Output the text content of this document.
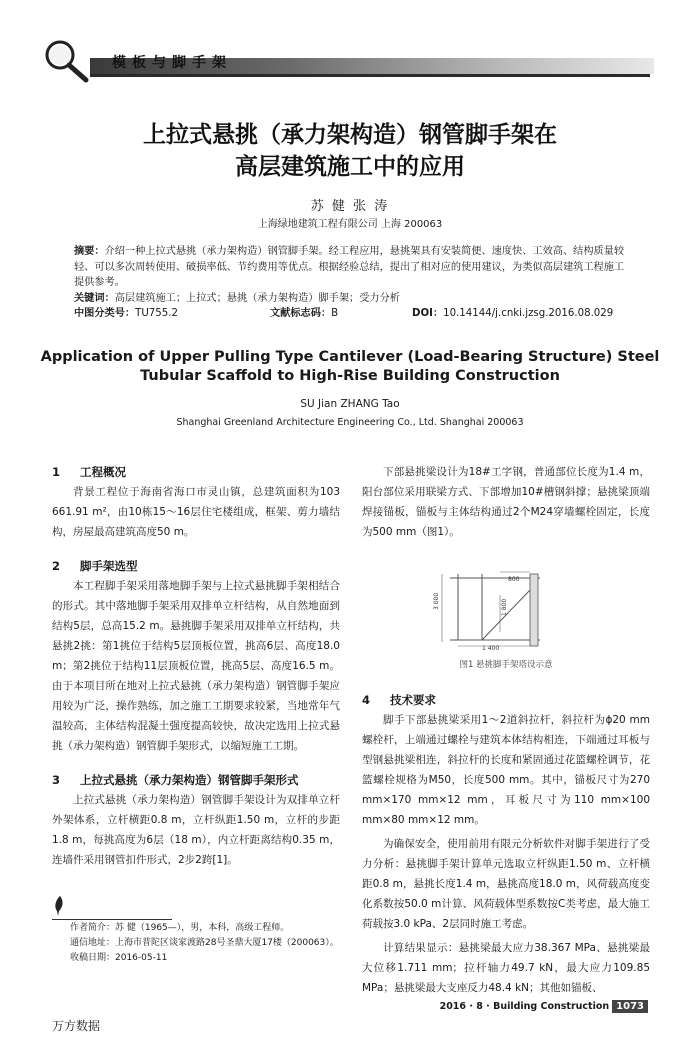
模板与脚手架
上拉式悬挑（承力架构造）钢管脚手架在
高层建筑施工中的应用
苏 健 张 涛
上海绿地建筑工程有限公司 上海 200063
摘要：介绍一种上拉式悬挑（承力架构造）钢管脚手架。经工程应用，悬挑架具有安装简便、速度快、工效高、结构质量较轻、可以多次周转使用、破损率低、节约费用等优点。根据经验总结，提出了相对应的使用建议，为类似高层建筑工程施工提供参考。
关键词：高层建筑施工；上拉式；悬挑（承力架构造）脚手架；受力分析
中图分类号：TU755.2	文献标志码：B	DOI：10.14144/j.cnki.jzsg.2016.08.029
Application of Upper Pulling Type Cantilever (Load-Bearing Structure) Steel
Tubular Scaffold to High-Rise Building Construction
SU Jian ZHANG Tao
Shanghai Greenland Architecture Engineering Co., Ltd. Shanghai 200063
1 工程概况

背景工程位于海南省海口市灵山镇，总建筑面积为103 661.91 m²，由10栋15～16层住宅楼组成，框架、剪力墙结构，房屋最高建筑高度50 m。

2 脚手架选型

本工程脚手架采用落地脚手架与上拉式悬挑脚手架相结合的形式。其中落地脚手架采用双排单立杆结构，从自然地面到结构5层，总高15.2 m。悬挑脚手架采用双排单立杆结构，共悬挑2挑：第1挑位于结构5层顶板位置，挑高6层、高度18.0 m；第2挑位于结构11层顶板位置，挑高5层、高度16.5 m。由于本项目所在地对上拉式悬挑（承力架构造）钢管脚手架应用较为广泛，操作熟练，加之施工工期要求较紧，当地常年气温较高，主体结构混凝土强度提高较快，故决定选用上拉式悬挑（承力架构造）钢管脚手架形式，以缩短施工工期。

3 上拉式悬挑（承力架构造）钢管脚手架形式

上拉式悬挑（承力架构造）钢管脚手架设计为双排单立杆外架体系，立杆横距0.8 m，立杆纵距1.50 m，立杆的步距1.8 m，每挑高度为6层（18 m），内立杆距离结构0.35 m，连墙件采用钢管扣件形式，2步2跨[1]。

作者简介：苏 健（1965—），男，本科，高级工程师。
通信地址：上海市普陀区谈家渡路28号圣鼎大厦17楼（200063）。
收稿日期：2016-05-11

下部悬挑梁设计为18#工字钢，普通部位长度为1.4 m，阳台部位采用联梁方式、下部增加10#槽钢斜撑；悬挑梁顶端焊接锚板，锚板与主体结构通过2个M24穿墙螺栓固定，长度为500 mm（图1）。

800
3 000	1 800
1 400
图1 悬挑脚手架塔设示意
4 技术要求

脚手下部悬挑梁采用1～2道斜拉杆，斜拉杆为ϕ20 mm螺栓杆，上端通过螺栓与建筑本体结构相连，下端通过耳板与型钢悬挑梁相连，斜拉杆的长度和紧固通过花篮螺栓调节，花篮螺栓规格为M50，长度500 mm。其中，锚板尺寸为270 mm×170 mm×12 mm，耳板尺寸为110 mm×100 mm×80 mm×12 mm。

为确保安全，使用前用有限元分析软件对脚手架进行了受力分析：悬挑脚手架计算单元选取立杆纵距1.50 m、立杆横距0.8 m，悬挑长度1.4 m，悬挑高度18.0 m，风荷载高度变化系数按50.0 m计算、风荷载体型系数按C类考虑，最大施工荷载按3.0 kPa、2层同时施工考虑。

计算结果显示：悬挑梁最大应力38.367 MPa、悬挑梁最大位移1.711 mm；拉杆轴力49.7 kN，最大应力109.85 MPa；悬挑梁最大支座反力48.4 kN；其他如锚板、

2016 · 8 · Building Construction 1073
万方数据
